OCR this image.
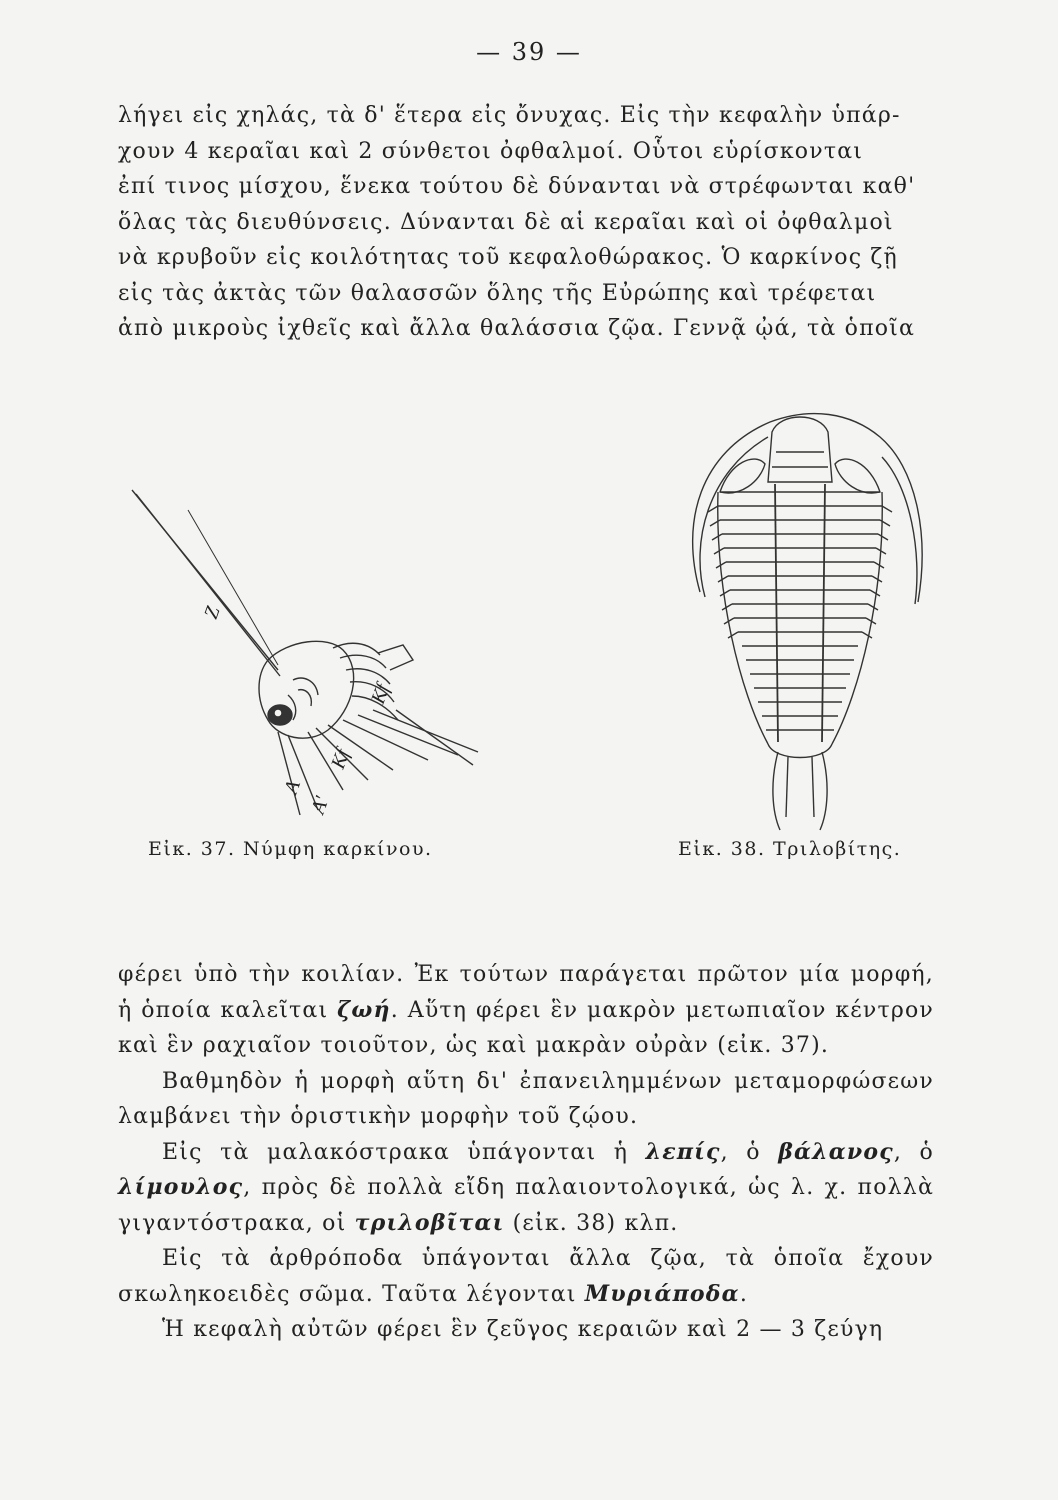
— 39 —

λήγει εἰς χηλάς, τὰ δ' ἕτερα εἰς ὄνυχας. Εἰς τὴν κεφαλὴν ὑπάρ-

χουν 4 κεραῖαι καὶ 2 σύνθετοι ὀφθαλμοί. Οὗτοι εὑρίσκονται

ἐπί τινος μίσχου, ἕνεκα τούτου δὲ δύνανται νὰ στρέφωνται καθ'

ὅλας τὰς διευθύνσεις. Δύνανται δὲ αἱ κεραῖαι καὶ οἱ ὀφθαλμοὶ

νὰ κρυβοῦν εἰς κοιλότητας τοῦ κεφαλοθώρακος. Ὁ καρκίνος ζῇ

εἰς τὰς ἀκτὰς τῶν θαλασσῶν ὅλης τῆς Εὐρώπης καὶ τρέφεται

ἀπὸ μικροὺς ἰχθεῖς καὶ ἄλλα θαλάσσια ζῷα. Γεννᾷ ᾠά, τὰ ὁποῖα

Z
Kf
Kf
A
A'
Εἰκ. 37. Νύμφη καρκίνου.	Εἰκ. 38. Τριλοβίτης.

φέρει ὑπὸ τὴν κοιλίαν. Ἐκ τούτων παράγεται πρῶτον μία μορφή, ἡ ὁποία καλεῖται ζωή. Αὕτη φέρει ἓν μακρὸν μετωπιαῖον κέντρον καὶ ἓν ραχιαῖον τοιοῦτον, ὡς καὶ μακρὰν οὐρὰν (εἰκ. 37).

Βαθμηδὸν ἡ μορφὴ αὕτη δι' ἐπανειλημμένων μεταμορφώσεων λαμβάνει τὴν ὁριστικὴν μορφὴν τοῦ ζῴου.

Εἰς τὰ μαλακόστρακα ὑπάγονται ἡ λεπίς, ὁ βάλανος, ὁ λίμουλος, πρὸς δὲ πολλὰ εἴδη παλαιοντολογικά, ὡς λ. χ. πολλὰ γιγαντόστρακα, οἱ τριλοβῖται (εἰκ. 38) κλπ.

Εἰς τὰ ἀρθρόποδα ὑπάγονται ἄλλα ζῷα, τὰ ὁποῖα ἔχουν σκωληκοειδὲς σῶμα. Ταῦτα λέγονται Μυριάποδα.

Ἡ κεφαλὴ αὐτῶν φέρει ἓν ζεῦγος κεραιῶν καὶ 2 — 3 ζεύγη
